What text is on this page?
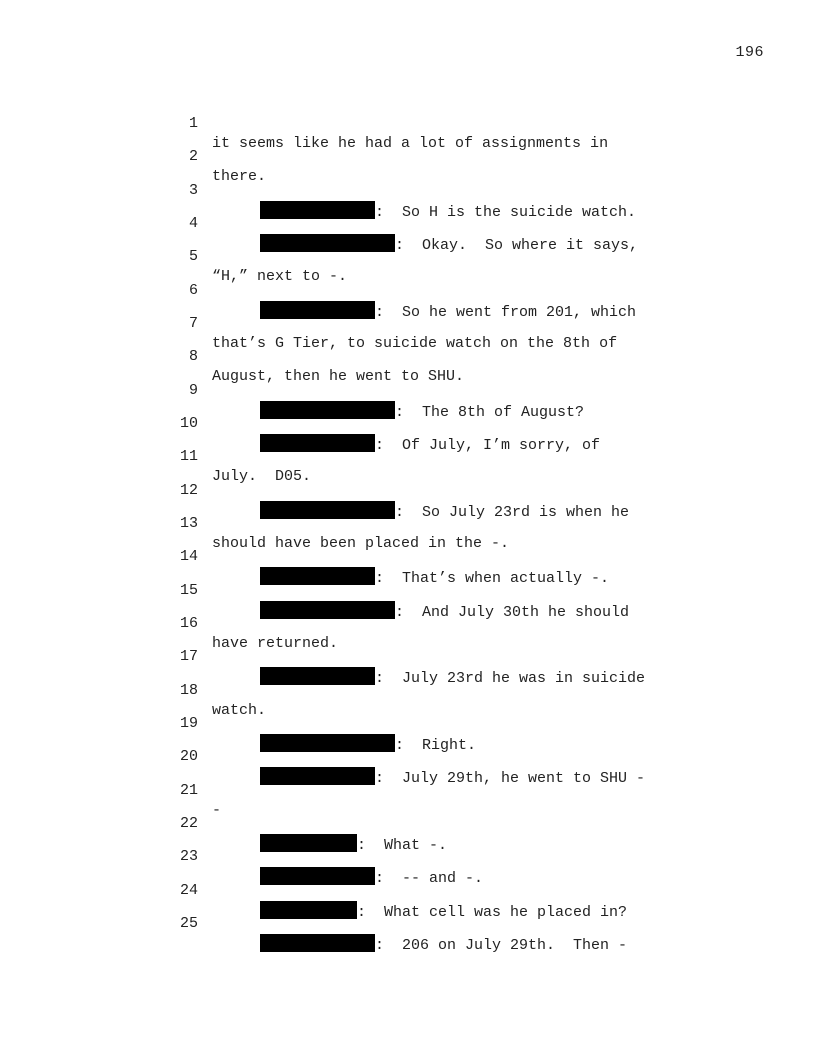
196

1

it seems like he had a lot of assignments in

2

there.

3

:  So H is the suicide watch.

4

:  Okay.  So where it says,

5

“H,” next to -.

6

:  So he went from 201, which

7

that’s G Tier, to suicide watch on the 8th of

8

August, then he went to SHU.

9

:  The 8th of August?

10

:  Of July, I’m sorry, of

11

July.  D05.

12

:  So July 23rd is when he

13

should have been placed in the -.

14

:  That’s when actually -.

15

:  And July 30th he should

16

have returned.

17

:  July 23rd he was in suicide

18

watch.

19

:  Right.

20

:  July 29th, he went to SHU -

21

-

22

:  What -.

23

:  -- and -.

24

:  What cell was he placed in?

25

:  206 on July 29th.  Then -
